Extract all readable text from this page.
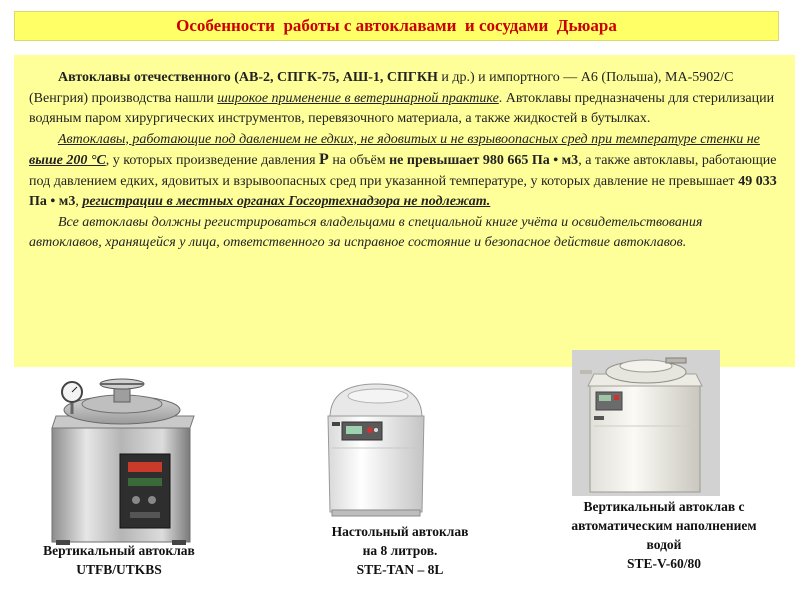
Особенности  работы с автоклавами  и сосудами  Дьюара

Автоклавы отечественного (АВ-2, СПГК-75, АШ-1, СПГКН и др.) и импортного — А6 (Польша), МА-5902/С (Венгрия) производства нашли широкое применение в ветеринарной практике. Автоклавы предназначены для стерилизации водяным паром хирургических инструментов, перевязочного материала, а также жидкостей в бутылках.

Автоклавы, работающие под давлением не едких, не ядовитых и не взрывоопасных сред при температуре стенки не выше 200 °С, у которых произведение давления Р на объём не превышает 980 665 Па • м3, а также автоклавы, работающие под давлением едких, ядовитых и взрывоопасных сред при указанной температуре, у которых давление не превышает 49 033 Па • м3, регистрации в местных органах Госгортехнадзора не подлежат.

Все автоклавы должны регистрироваться владельцами в специальной книге учёта и освидетельствования автоклавов, хранящейся у лица, ответственного за исправное состояние и безопасное действие автоклавов.

Вертикальный автоклав
UTFB/UTKBS
Настольный автоклав
на 8 литров.
STE-TAN – 8L
Вертикальный автоклав с
автоматическим наполнением
водой
STE-V-60/80
